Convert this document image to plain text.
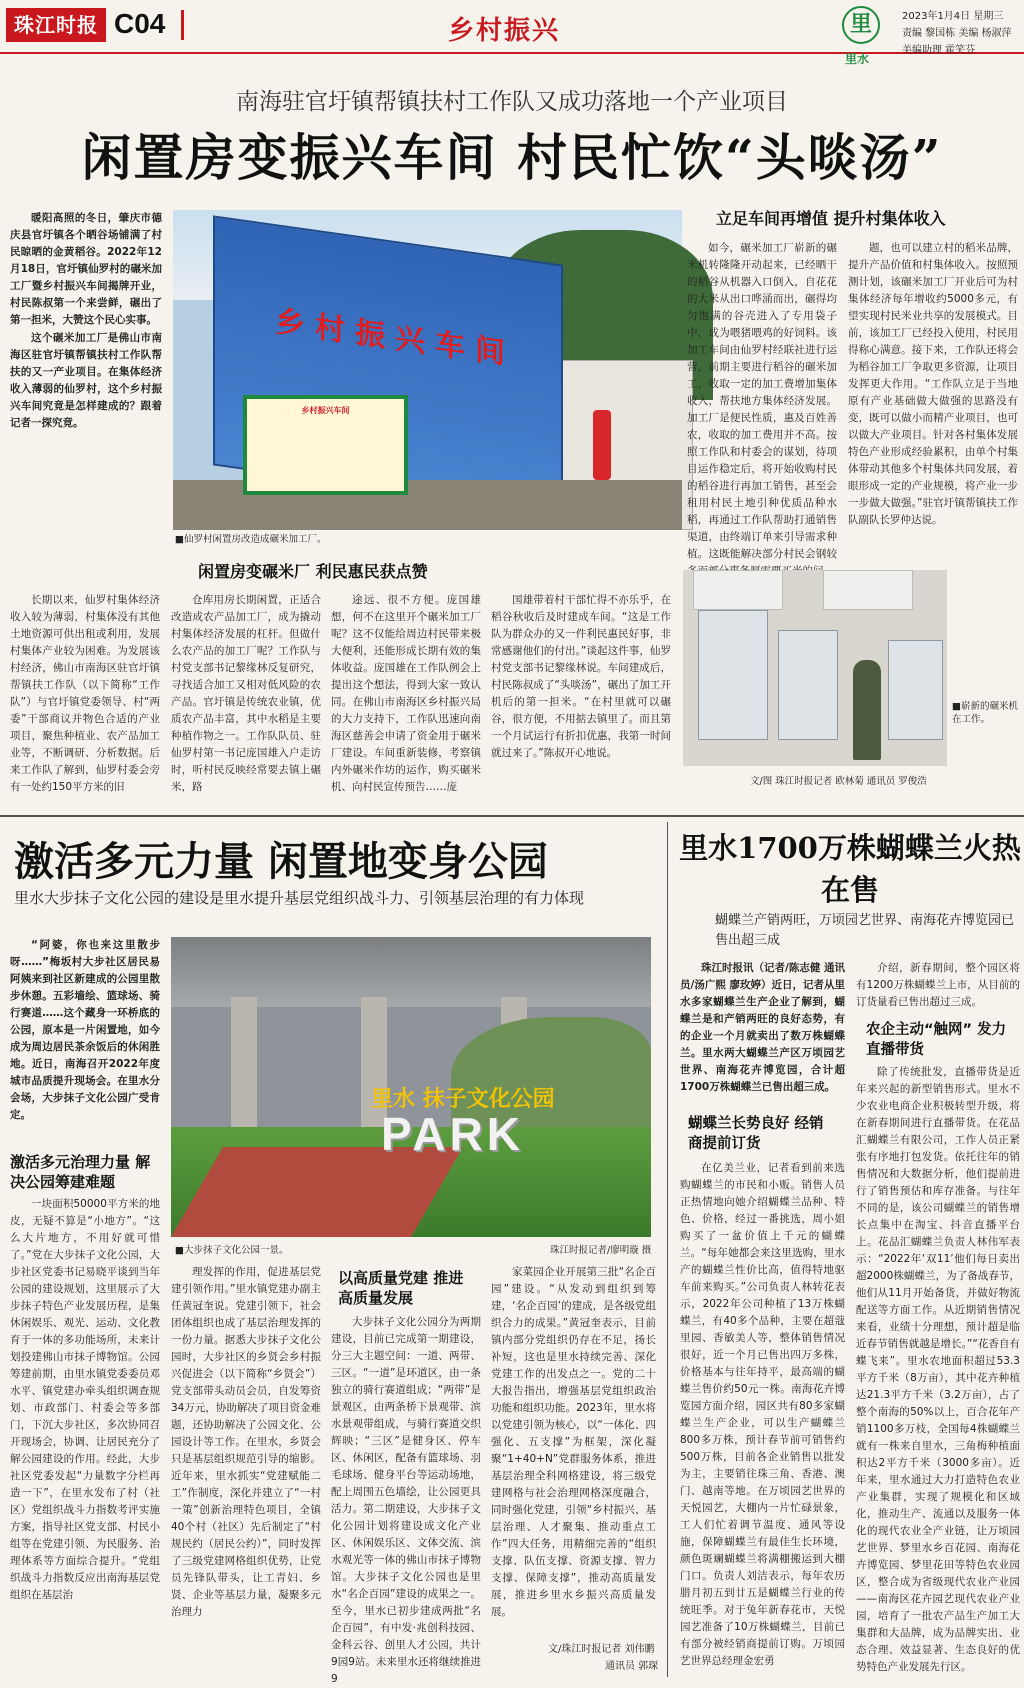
珠江时报 C04	乡村振兴	里
里水
2023年1月4日 星期三
责编 黎国栋 美编 杨淑萍
美编助理 霍笑芬
南海驻官圩镇帮镇扶村工作队又成功落地一个产业项目
闲置房变振兴车间 村民忙饮“头啖汤”

暖阳高照的冬日，肇庆市德庆县官圩镇各个晒谷场铺满了村民晾晒的金黄稻谷。2022年12月18日，官圩镇仙罗村的碾米加工厂暨乡村振兴车间揭牌开业，村民陈叔第一个来尝鲜，碾出了第一担米，大赞这个民心实事。

这个碾米加工厂是佛山市南海区驻官圩镇帮镇扶村工作队帮扶的又一产业项目。在集体经济收入薄弱的仙罗村，这个乡村振兴车间究竟是怎样建成的？跟着记者一探究竟。

乡村振兴车间
乡村振兴车间
■仙罗村闲置房改造成碾米加工厂。
闲置房变碾米厂 利民惠民获点赞

长期以来，仙罗村集体经济收入较为薄弱，村集体没有其他土地资源可供出租或利用，发展村集体产业较为困难。为发展该村经济，佛山市南海区驻官圩镇帮镇扶工作队（以下简称“工作队”）与官圩镇党委领导、村“两委”干部商议并物色合适的产业项目，聚焦种植业、农产品加工业等，不断调研、分析数据。后来工作队了解到，仙罗村委会旁有一处约150平方米的旧

仓库用房长期闲置，正适合改造成农产品加工厂，成为撬动村集体经济发展的杠杆。但做什么农产品的加工厂呢？工作队与村党支部书记黎缘林反复研究，寻找适合加工又相对低风险的农产品。官圩镇是传统农业镇，优质农产品丰富，其中水稻是主要种植作物之一。工作队队员、驻仙罗村第一书记庞国雄入户走访时，听村民反映经常要去镇上碾米，路

途远、很不方便。庞国雄想，何不在这里开个碾米加工厂呢？这不仅能给周边村民带来极大便利，还能形成长期有效的集体收益。庞国雄在工作队例会上提出这个想法，得到大家一致认同。在佛山市南海区乡村振兴局的大力支持下，工作队迅速向南海区慈善会申请了资金用于碾米厂建设。车间重新装修，考察镇内外碾米作坊的运作，购买碾米机、向村民宣传预告……庞

国雄带着村干部忙得不亦乐乎，在稻谷秋收后及时建成车间。“这是工作队为群众办的又一件利民惠民好事，非常感谢他们的付出。”谈起这件事，仙罗村党支部书记黎缘林说。车间建成后，村民陈叔成了“头啖汤”，碾出了加工开机后的第一担米。“在村里就可以碾谷，很方便，不用掂去镇里了。而且第一个月试运行有折扣优惠，我第一时间就过来了。”陈叔开心地说。

立足车间再增值 提升村集体收入

如今，碾米加工厂崭新的碾米机转隆隆开动起来，已经晒干的稻谷从机器入口倒入，自花花的大米从出口哗涌而出，碾得均匀饱满的谷壳进入了专用袋子中，成为喂猪喂鸡的好饲料。该加工车间由仙罗村经联社进行运营，前期主要进行稻谷的碾米加工，收取一定的加工费增加集体收入，帮扶地方集体经济发展。加工厂是便民性质，惠及百姓善农，收取的加工费用并不高。按照工作队和村委会的谋划，待项目运作稳定后，将开始收购村民的稻谷进行再加工销售，甚至会租用村民土地引种优质品种水稻，再通过工作队帮助打通销售渠道，由终端订单来引导需求种植。这既能解决部分村民会钢较

题，也可以建立村的稻米品牌，提升产品价值和村集体收入。按照预测计划，该碾米加工厂开业后可为村集体经济每年增收约5000多元，有望实现村民米业共享的发展模式。目前，该加工厂已经投入使用，村民用得称心满意。接下来，工作队还将会为稻谷加工厂争取更多资源，让项目发挥更大作用。“工作队立足于当地原有产业基础做大做强的思路没有变，既可以做小而精产业项目，也可以做大产业项目。针对各村集体发展特色产业形成经验累积，由单个村集体带动其他多个村集体共同发展，着眼形成一定的产业规模，将产业一步一步做大做强。”驻官圩镇帮镇扶工作队副队长罗仲达说。

■崭新的碾米机在工作。
文/图 珠江时报记者 欧林菊 通讯员 罗俊浩
激活多元力量 闲置地变身公园
里水大步抹子文化公园的建设是里水提升基层党组织战斗力、引领基层治理的有力体现

“阿婆，你也来这里散步呀……”梅坂村大步社区居民易阿姨来到社区新建成的公园里散步休憩。五彩墙绘、篮球场、骑行赛道……这个藏身一环桥底的公园，原本是一片闲置地，如今成为周边居民茶余饭后的休闲胜地。近日，南海召开2022年度城市品质提升现场会。在里水分会场，大步抹子文化公园广受肯定。

里水 抹子文化公园
PARK
■大步抹子文化公园一景。	珠江时报记者/廖明璇 摄
激活多元治理力量 解决公园筹建难题

一块面积50000平方米的地皮，无疑不算是“小地方”。“这么大片地方，不用好就可惜了。”党在大步抹子文化公园，大步社区党委书记易晓平谈到当年公园的建设规划，这里展示了大步抹子特色产业发展历程，是集休闲娱乐、观光、运动、文化教育于一体的多功能场所，未来计划投建佛山市抹子博物馆。公园筹建前期，由里水镇党委委员邓水平、镇党建办牵头组织调查规划、市政部门、村委会等多部门，下沉大步社区，多次协同召开现场会，协调、让居民充分了解公园建设的作用。经此，大步社区党委发起“力量数字分栏再造一下”，在里水发布了村（社区）党组织战斗力指数考评实施方案，指导社区党支部、村民小组等在党建引领、为民服务、治理体系等方面综合提升。“党组织战斗力指数反应出南海基层党组织在基层治

理发挥的作用，促进基层党建引领作用。”里水镇党建办副主任黄冠奎说。党建引领下，社会团体组织也成了基层治理发挥的一份力量。据悉大步抹子文化公园时，大步社区的乡贤会乡村振兴促进会（以下简称“乡贤会”）党支部带头动员会员，自发筹资34万元，协助解决了项目资金难题，还协助解决了公园文化、公园设计等工作。在里水，乡贤会只是基层组织规范引导的缩影。近年来，里水抓实“党建赋能二工”作制度，深化并建立了“一村一策”创新治理特色项目，全镇40个村（社区）先后制定了“村规民约（居民公约）”，同时发挥了三级党建网格组织优势，让党员先锋队带头，让工青妇、乡贤、企业等基层力量，凝聚多元治理力

以高质量党建 推进高质量发展

大步抹子文化公园分为两期建设，目前已完成第一期建设，分三大主题空间：一道、两带、三区。“一道”是环道区，由一条独立的骑行赛道组成；“两带”是景观区，由两条桥下景观带、滨水景观带组成，与骑行赛道交织辉映；“三区”是健身区、停车区、休闲区，配备有篮球场、羽毛球场、健身平台等运动场地，配上周围五色墙绘，让公园更具活力。第二期建设，大步抹子文化公园计划将建设成文化产业区、休闲娱乐区、文体交流、滨水观光等一体的佛山市抹子博物馆。大步抹子文化公园也是里水“名企百园”建设的成果之一。至今，里水已初步建成两批“名企百园”，有中发·兆创科技园、金科云谷、创里人才公园，共计9园9站。未来里水还将继续推进9

家菜园企业开展第三批“名企百园”建设。“从发动到组织到筹建，‘名企百园’的建成，是各级党组织合力的成果。”黄冠奎表示，目前镇内部分党组织仍存在不足，扬长补短，这也是里水持续完善、深化党建工作的出发点之一。党的二十大报告指出，增强基层党组织政治功能和组织功能。2023年，里水将以党建引领为核心，以“一体化、四强化、五支撑”为框架，深化凝聚“1+40+N”党群服务体系，推进基层治理全科网格建设，将三级党建网格与社会治理网格深度融合，同时强化党建，引领“乡村振兴、基层治理、人才聚集、推动重点工作”四大任务，用精细完善的“组织支撑、队伍支撑、资源支撑、智力支撑、保障支撑”，推动高质量发展，推进乡里水乡振兴高质量发展。

文/珠江时报记者 刘伟鹏
通讯员 郭琛
里水1700万株蝴蝶兰火热在售
蝴蝶兰产销两旺，万顷园艺世界、南海花卉博览园已售出超三成

珠江时报讯（记者/陈志健 通讯员/汤广熙 廖玫婷）近日，记者从里水多家蝴蝶兰生产企业了解到，蝴蝶兰是和产销两旺的良好态势，有的企业一个月就卖出了数万株蝴蝶兰。里水两大蝴蝶兰产区万顷园艺世界、南海花卉博览园，合计超1700万株蝴蝶兰已售出超三成。

蝴蝶兰长势良好 经销商提前订货

在亿美兰业，记者看到前来选购蝴蝶兰的市民和小贩。销售人员正热情地向她介绍蝴蝶兰品种、特色、价格，经过一番挑选，周小姐购买了一盆价值上千元的蝴蝶兰。“每年她都会来这里选购，里水产的蝴蝶兰性价比高，值得特地驱车前来购买。”公司负责人林转花表示，2022年公司种植了13万株蝴蝶兰，有40多个品种，主要在超蔻里园、香敏美人等，整体销售情况很好，近一个月已售出四万多株，价格基本与往年持平，最高端的蝴蝶兰售价约50元一株。南海花卉博览园方面介绍，园区共有80多家蝴蝶兰生产企业，可以生产蝴蝶兰800多万株，预计春节前可销售约500万株，目前各企业销售以批发为主，主要销往珠三角、香港、澳门、越南等地。在万顷园艺世界的天悦园艺，大棚内一片忙碌景象，工人们忙着调节温度、通风等设施，保障蝴蝶兰有最佳生长环境，颜色斑斓蝴蝶兰将满棚搬运到大棚门口。负责人刘洁表示，每年农历腊月初五到廿五是蝴蝶兰行业的传统旺季。对于兔年新春花市，天悦园艺准备了10万株蝴蝶兰，目前已有部分被经销商提前订购。万顷园艺世界总经理金宏勇

介绍，新春期间，整个园区将有1200万株蝴蝶兰上市，从目前的订货量看已售出超过三成。

农企主动“触网” 发力直播带货

除了传统批发，直播带货是近年来兴起的新型销售形式。里水不少农业电商企业积极转型升级，将在新春期间进行直播带货。在花品汇蝴蝶兰有限公司，工作人员正紧张有序地打包发货。依托往年的销售情况和大数据分析，他们提前进行了销售预估和库存准备。与往年不同的是，该公司蝴蝶兰的销售增长点集中在淘宝、抖音直播平台上。花品汇蝴蝶兰负责人林伟军表示：“2022年‘双11’他们每日卖出超2000株蝴蝶兰，为了备战春节，他们从11月开始备货，并做好物流配送等方面工作。从近期销售情况来看，业绩十分理想，预计超是临近春节销售就越是增长。”“花香自有蝶飞来”。里水农地面积超过53.3平方千米（8万亩），其中花卉种植达21.3平方千米（3.2万亩），占了整个南海的50%以上，百合花年产销1100多万枝，全国每4株蝴蝶兰就有一株来自里水，三角梅种植面积达2平方千米（3000多亩）。近年来，里水通过大力打造特色农业产业集群，实现了规模化和区域化，推动生产、流通以及服务一体化的现代农业全产业链，让万顷园艺世界、梦里水乡百花园、南海花卉博览园、梦里花田等特色农业园区，整合成为省级现代农业产业园——南海区花卉园艺现代农业产业园，培育了一批农产品生产加工大集群和大品牌，成为品牌实出、业态合理、效益显著、生态良好的优势特色产业发展先行区。
